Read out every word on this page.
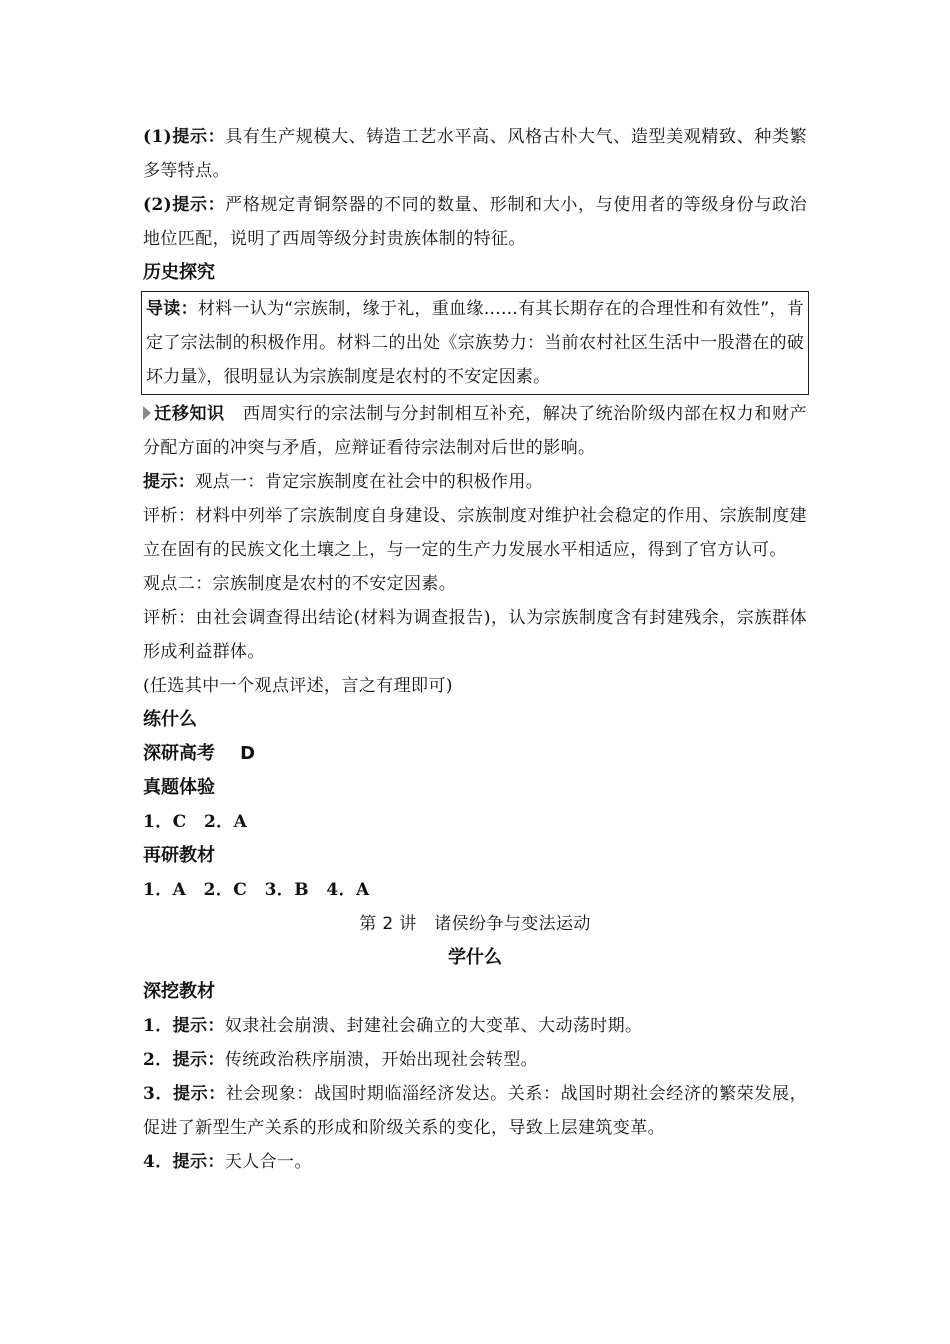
(1)提示：具有生产规模大、铸造工艺水平高、风格古朴大气、造型美观精致、种类繁多等特点。

(2)提示：严格规定青铜祭器的不同的数量、形制和大小，与使用者的等级身份与政治地位匹配，说明了西周等级分封贵族体制的特征。

历史探究

导读：材料一认为“宗族制，缘于礼，重血缘……有其长期存在的合理性和有效性”，肯定了宗法制的积极作用。材料二的出处《宗族势力：当前农村社区生活中一股潜在的破坏力量》，很明显认为宗族制度是农村的不安定因素。

迁移知识 西周实行的宗法制与分封制相互补充，解决了统治阶级内部在权力和财产分配方面的冲突与矛盾，应辩证看待宗法制对后世的影响。

提示：观点一：肯定宗族制度在社会中的积极作用。

评析：材料中列举了宗族制度自身建设、宗族制度对维护社会稳定的作用、宗族制度建立在固有的民族文化土壤之上，与一定的生产力发展水平相适应，得到了官方认可。

观点二：宗族制度是农村的不安定因素。

评析：由社会调查得出结论(材料为调查报告)，认为宗族制度含有封建残余，宗族群体形成利益群体。

(任选其中一个观点评述，言之有理即可)

练什么

深研高考 D

真题体验

1．C　2．A

再研教材

1．A　2．C　3．B　4．A

第 2 讲　诸侯纷争与变法运动

学什么

深挖教材

1．提示：奴隶社会崩溃、封建社会确立的大变革、大动荡时期。

2．提示：传统政治秩序崩溃，开始出现社会转型。

3．提示：社会现象：战国时期临淄经济发达。关系：战国时期社会经济的繁荣发展，促进了新型生产关系的形成和阶级关系的变化，导致上层建筑变革。

4．提示：天人合一。
